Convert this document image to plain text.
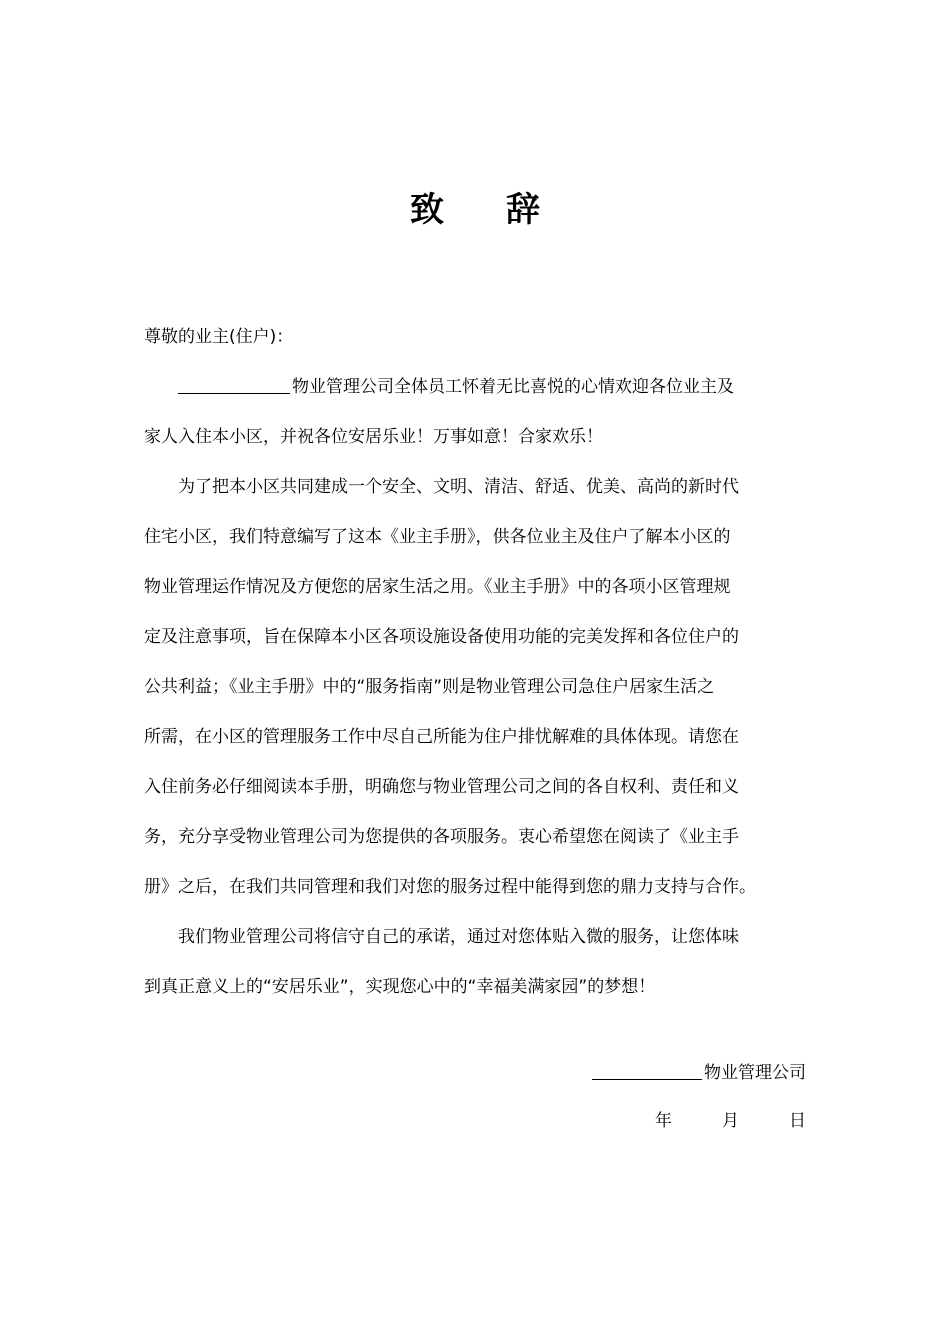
致 辞
尊敬的业主(住户)：
物业管理公司全体员工怀着无比喜悦的心情欢迎各位业主及
家人入住本小区，并祝各位安居乐业！万事如意！合家欢乐！
为了把本小区共同建成一个安全、文明、清洁、舒适、优美、高尚的新时代
住宅小区，我们特意编写了这本《业主手册》，供各位业主及住户了解本小区的
物业管理运作情况及方便您的居家生活之用。《业主手册》中的各项小区管理规
定及注意事项，旨在保障本小区各项设施设备使用功能的完美发挥和各位住户的
公共利益；《业主手册》中的“服务指南”则是物业管理公司急住户居家生活之
所需，在小区的管理服务工作中尽自己所能为住户排忧解难的具体体现。请您在
入住前务必仔细阅读本手册，明确您与物业管理公司之间的各自权利、责任和义
务，充分享受物业管理公司为您提供的各项服务。衷心希望您在阅读了《业主手
册》之后，在我们共同管理和我们对您的服务过程中能得到您的鼎力支持与合作。
我们物业管理公司将信守自己的承诺，通过对您体贴入微的服务，让您体味
到真正意义上的“安居乐业”，实现您心中的“幸福美满家园”的梦想！
物业管理公司
年	月	日
